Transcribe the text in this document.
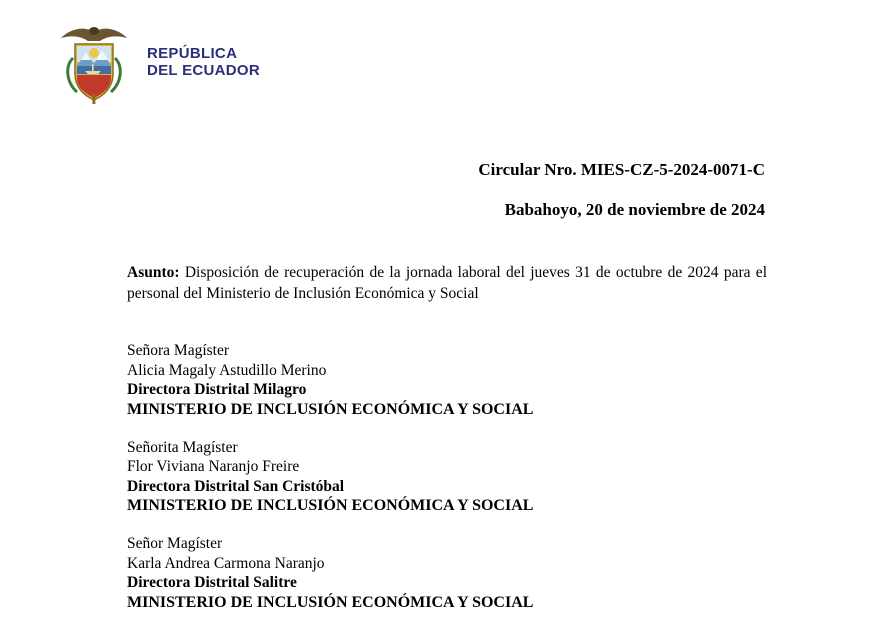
REPÚBLICA
DEL ECUADOR
Circular Nro. MIES-CZ-5-2024-0071-C
Babahoyo, 20 de noviembre de 2024
Asunto: Disposición de recuperación de la jornada laboral del jueves 31 de octubre de 2024 para el personal del Ministerio de Inclusión Económica y Social
Señora Magíster
Alicia Magaly Astudillo Merino
Directora Distrital Milagro
MINISTERIO DE INCLUSIÓN ECONÓMICA Y SOCIAL
Señorita Magíster
Flor Viviana Naranjo Freire
Directora Distrital San Cristóbal
MINISTERIO DE INCLUSIÓN ECONÓMICA Y SOCIAL
Señor Magíster
Karla Andrea Carmona Naranjo
Directora Distrital Salitre
MINISTERIO DE INCLUSIÓN ECONÓMICA Y SOCIAL
